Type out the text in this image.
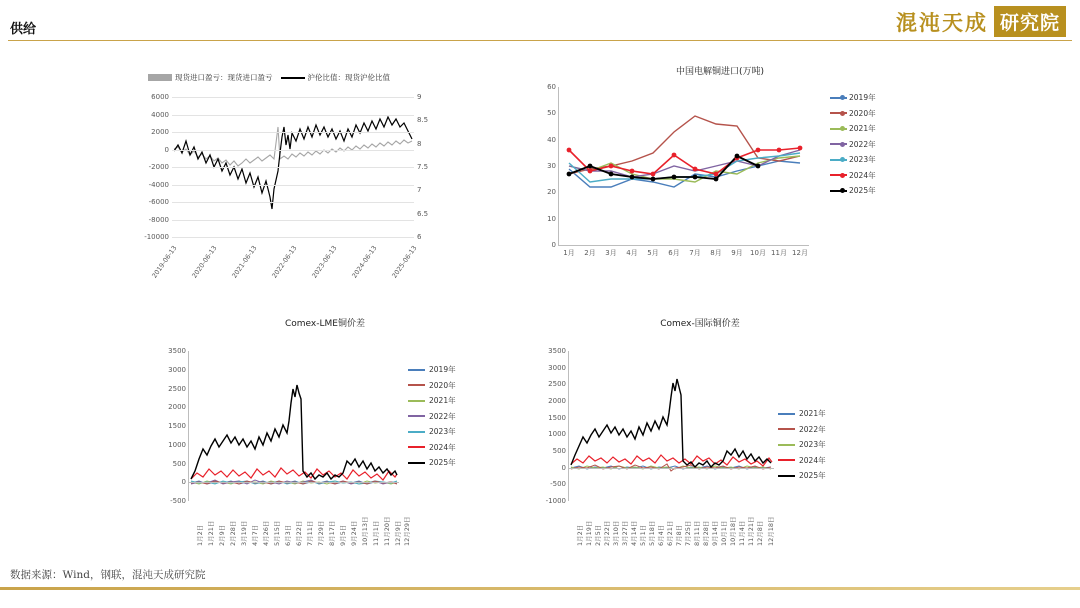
供给	混沌天成 研究院
现货进口盈亏：现货进口盈亏	沪伦比值：现货沪伦比值
6000
4000
2000
0
-2000
-4000
-6000
-8000
-10000
9
8.5
8
7.5
7
6.5
6
2019-06-13 2020-06-13 2021-06-13 2022-06-13 2023-06-13 2024-06-13 2025-06-13
中国电解铜进口(万吨)
60
50
40
30
20
10
0
1月 2月 3月 4月 5月 6月 7月 8月 9月 10月 11月 12月
2019年
2020年
2021年
2022年
2023年
2024年
2025年
Comex-LME铜价差
3500
3000
2500
2000
1500
1000
500
0
-500
1月2日 1月21日 2月9日 2月28日 3月19日 4月7日 4月26日 5月15日 6月3日 6月22日 7月11日 7月29日 8月17日 9月5日 9月24日 10月13日 11月1日 11月20日 12月9日 12月29日
2019年
2020年
2021年
2022年
2023年
2024年
2025年
Comex-国际铜价差
3500
3000
2500
2000
1500
1000
500
0
-500
-1000
1月2日 1月19日 2月5日 2月22日 3月10日 3月27日 4月14日 5月1日 5月18日 6月4日 6月21日 7月8日 7月25日 8月11日 8月28日 9月14日 10月1日 10月18日 11月4日 11月21日 12月8日 12月18日
2021年
2022年
2023年
2024年
2025年
数据来源：Wind，钢联，混沌天成研究院
